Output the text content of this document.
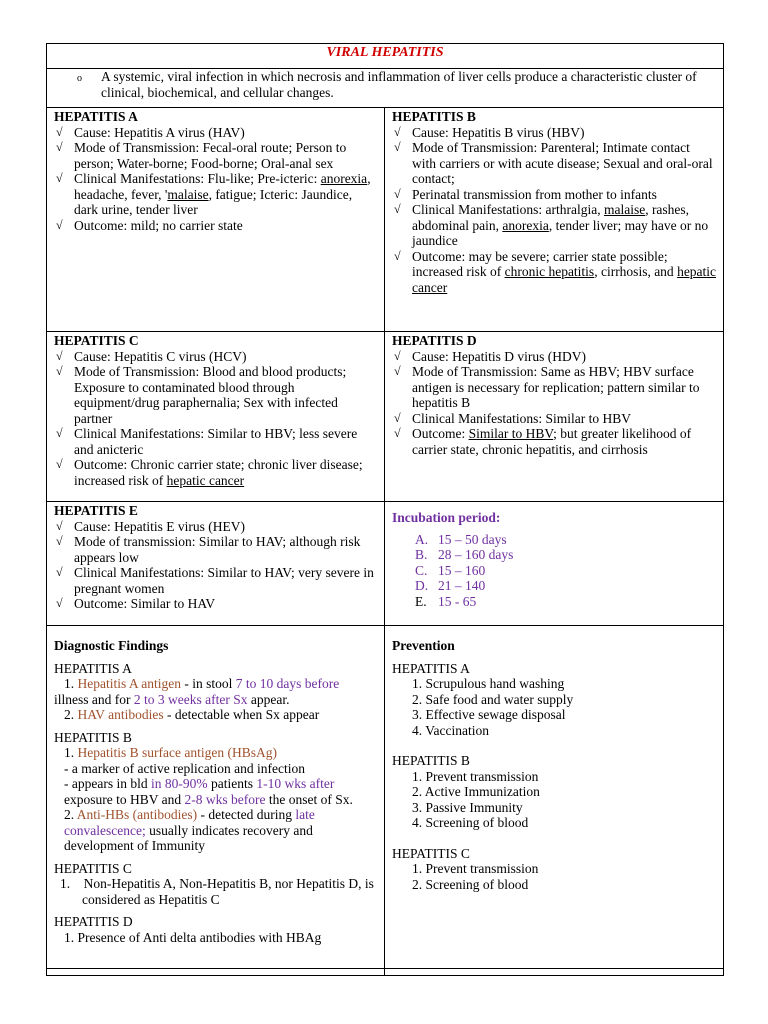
VIRAL HEPATITIS
o	A systemic, viral infection in which necrosis and inflammation of liver cells produce a characteristic cluster of clinical, biochemical, and cellular changes.
HEPATITIS A
√ Cause: Hepatitis A virus (HAV)
√ Mode of Transmission: Fecal-oral route; Person to person; Water-borne; Food-borne; Oral-anal sex
√ Clinical Manifestations: Flu-like; Pre-icteric: anorexia, headache, fever, 'malaise, fatigue; Icteric: Jaundice, dark urine, tender liver
√ Outcome: mild; no carrier state
HEPATITIS B
√ Cause: Hepatitis B virus (HBV)
√ Mode of Transmission: Parenteral; Intimate contact with carriers or with acute disease; Sexual and oral-oral contact;
√ Perinatal transmission from mother to infants
√ Clinical Manifestations: arthralgia, malaise, rashes, abdominal pain, anorexia, tender liver; may have or no jaundice
√ Outcome: may be severe; carrier state possible; increased risk of chronic hepatitis, cirrhosis, and hepatic cancer
HEPATITIS C
√ Cause: Hepatitis C virus (HCV)
√ Mode of Transmission: Blood and blood products; Exposure to contaminated blood through equipment/drug paraphernalia; Sex with infected partner
√ Clinical Manifestations: Similar to HBV; less severe and anicteric
√ Outcome: Chronic carrier state; chronic liver disease; increased risk of hepatic cancer
HEPATITIS D
√ Cause: Hepatitis D virus (HDV)
√ Mode of Transmission: Same as HBV; HBV surface antigen is necessary for replication; pattern similar to hepatitis B
√ Clinical Manifestations: Similar to HBV
√ Outcome: Similar to HBV; but greater likelihood of carrier state, chronic hepatitis, and cirrhosis
HEPATITIS E
√ Cause: Hepatitis E virus (HEV)
√ Mode of transmission: Similar to HAV; although risk appears low
√ Clinical Manifestations: Similar to HAV; very severe in pregnant women
√ Outcome: Similar to HAV
Incubation period:
A. 15 – 50 days
B. 28 – 160 days
C. 15 – 160
D. 21 – 140
E. 15 - 65
Diagnostic Findings
HEPATITIS A
1. Hepatitis A antigen - in stool 7 to 10 days before
illness and for 2 to 3 weeks after Sx appear.
2. HAV antibodies - detectable when Sx appear
HEPATITIS B
1. Hepatitis B surface antigen (HBsAg)
- a marker of active replication and infection
- appears in bld in 80-90% patients 1-10 wks after
exposure to HBV and 2-8 wks before the onset of Sx.
2. Anti-HBs (antibodies) - detected during late convalescence; usually indicates recovery and development of Immunity
HEPATITIS C
1.    Non-Hepatitis A, Non-Hepatitis B, nor Hepatitis D, is considered as Hepatitis C
HEPATITIS D
1. Presence of Anti delta antibodies with HBAg
Prevention
HEPATITIS A
1. Scrupulous hand washing
2. Safe food and water supply
3. Effective sewage disposal
4. Vaccination
HEPATITIS B
1. Prevent transmission
2. Active Immunization
3. Passive Immunity
4. Screening of blood
HEPATITIS C
1. Prevent transmission
2. Screening of blood
